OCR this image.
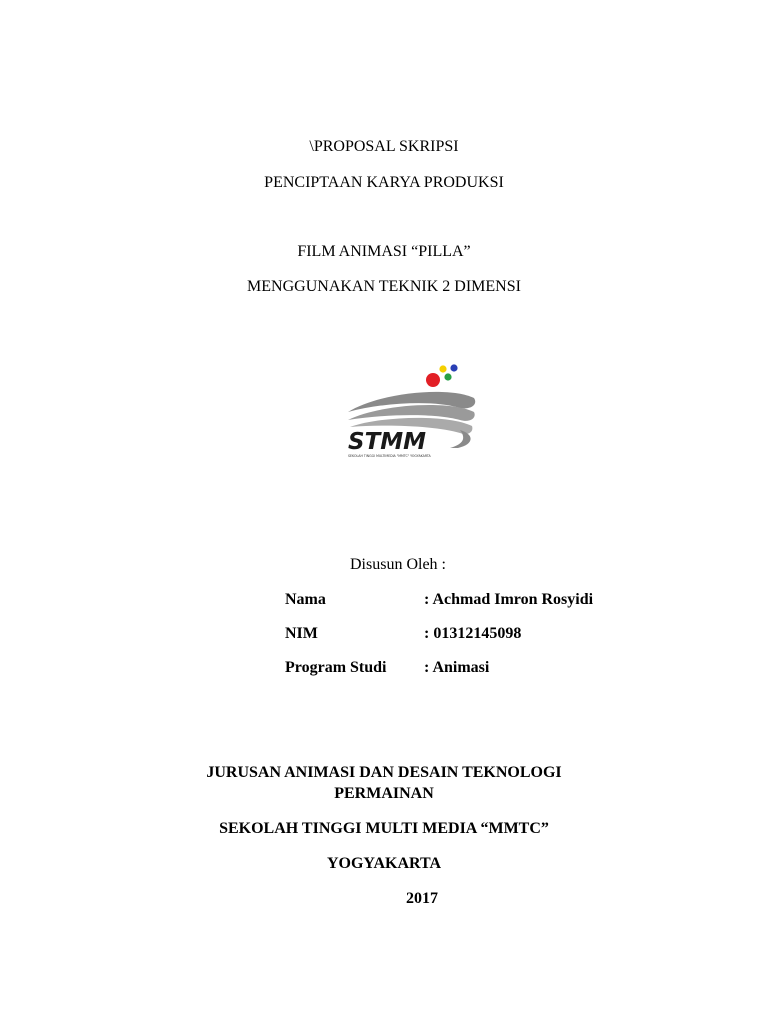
\PROPOSAL SKRIPSI
PENCIPTAAN KARYA PRODUKSI
FILM ANIMASI “PILLA”
MENGGUNAKAN TEKNIK 2 DIMENSI
STMM
SEKOLAH TINGGI MULTIMEDIA "MMTC" YOGYAKARTA
Disusun Oleh :
Nama	: Achmad Imron Rosyidi
NIM	: 01312145098
Program Studi : Animasi
JURUSAN ANIMASI DAN DESAIN TEKNOLOGI
PERMAINAN
SEKOLAH TINGGI MULTI MEDIA “MMTC”
YOGYAKARTA
2017
